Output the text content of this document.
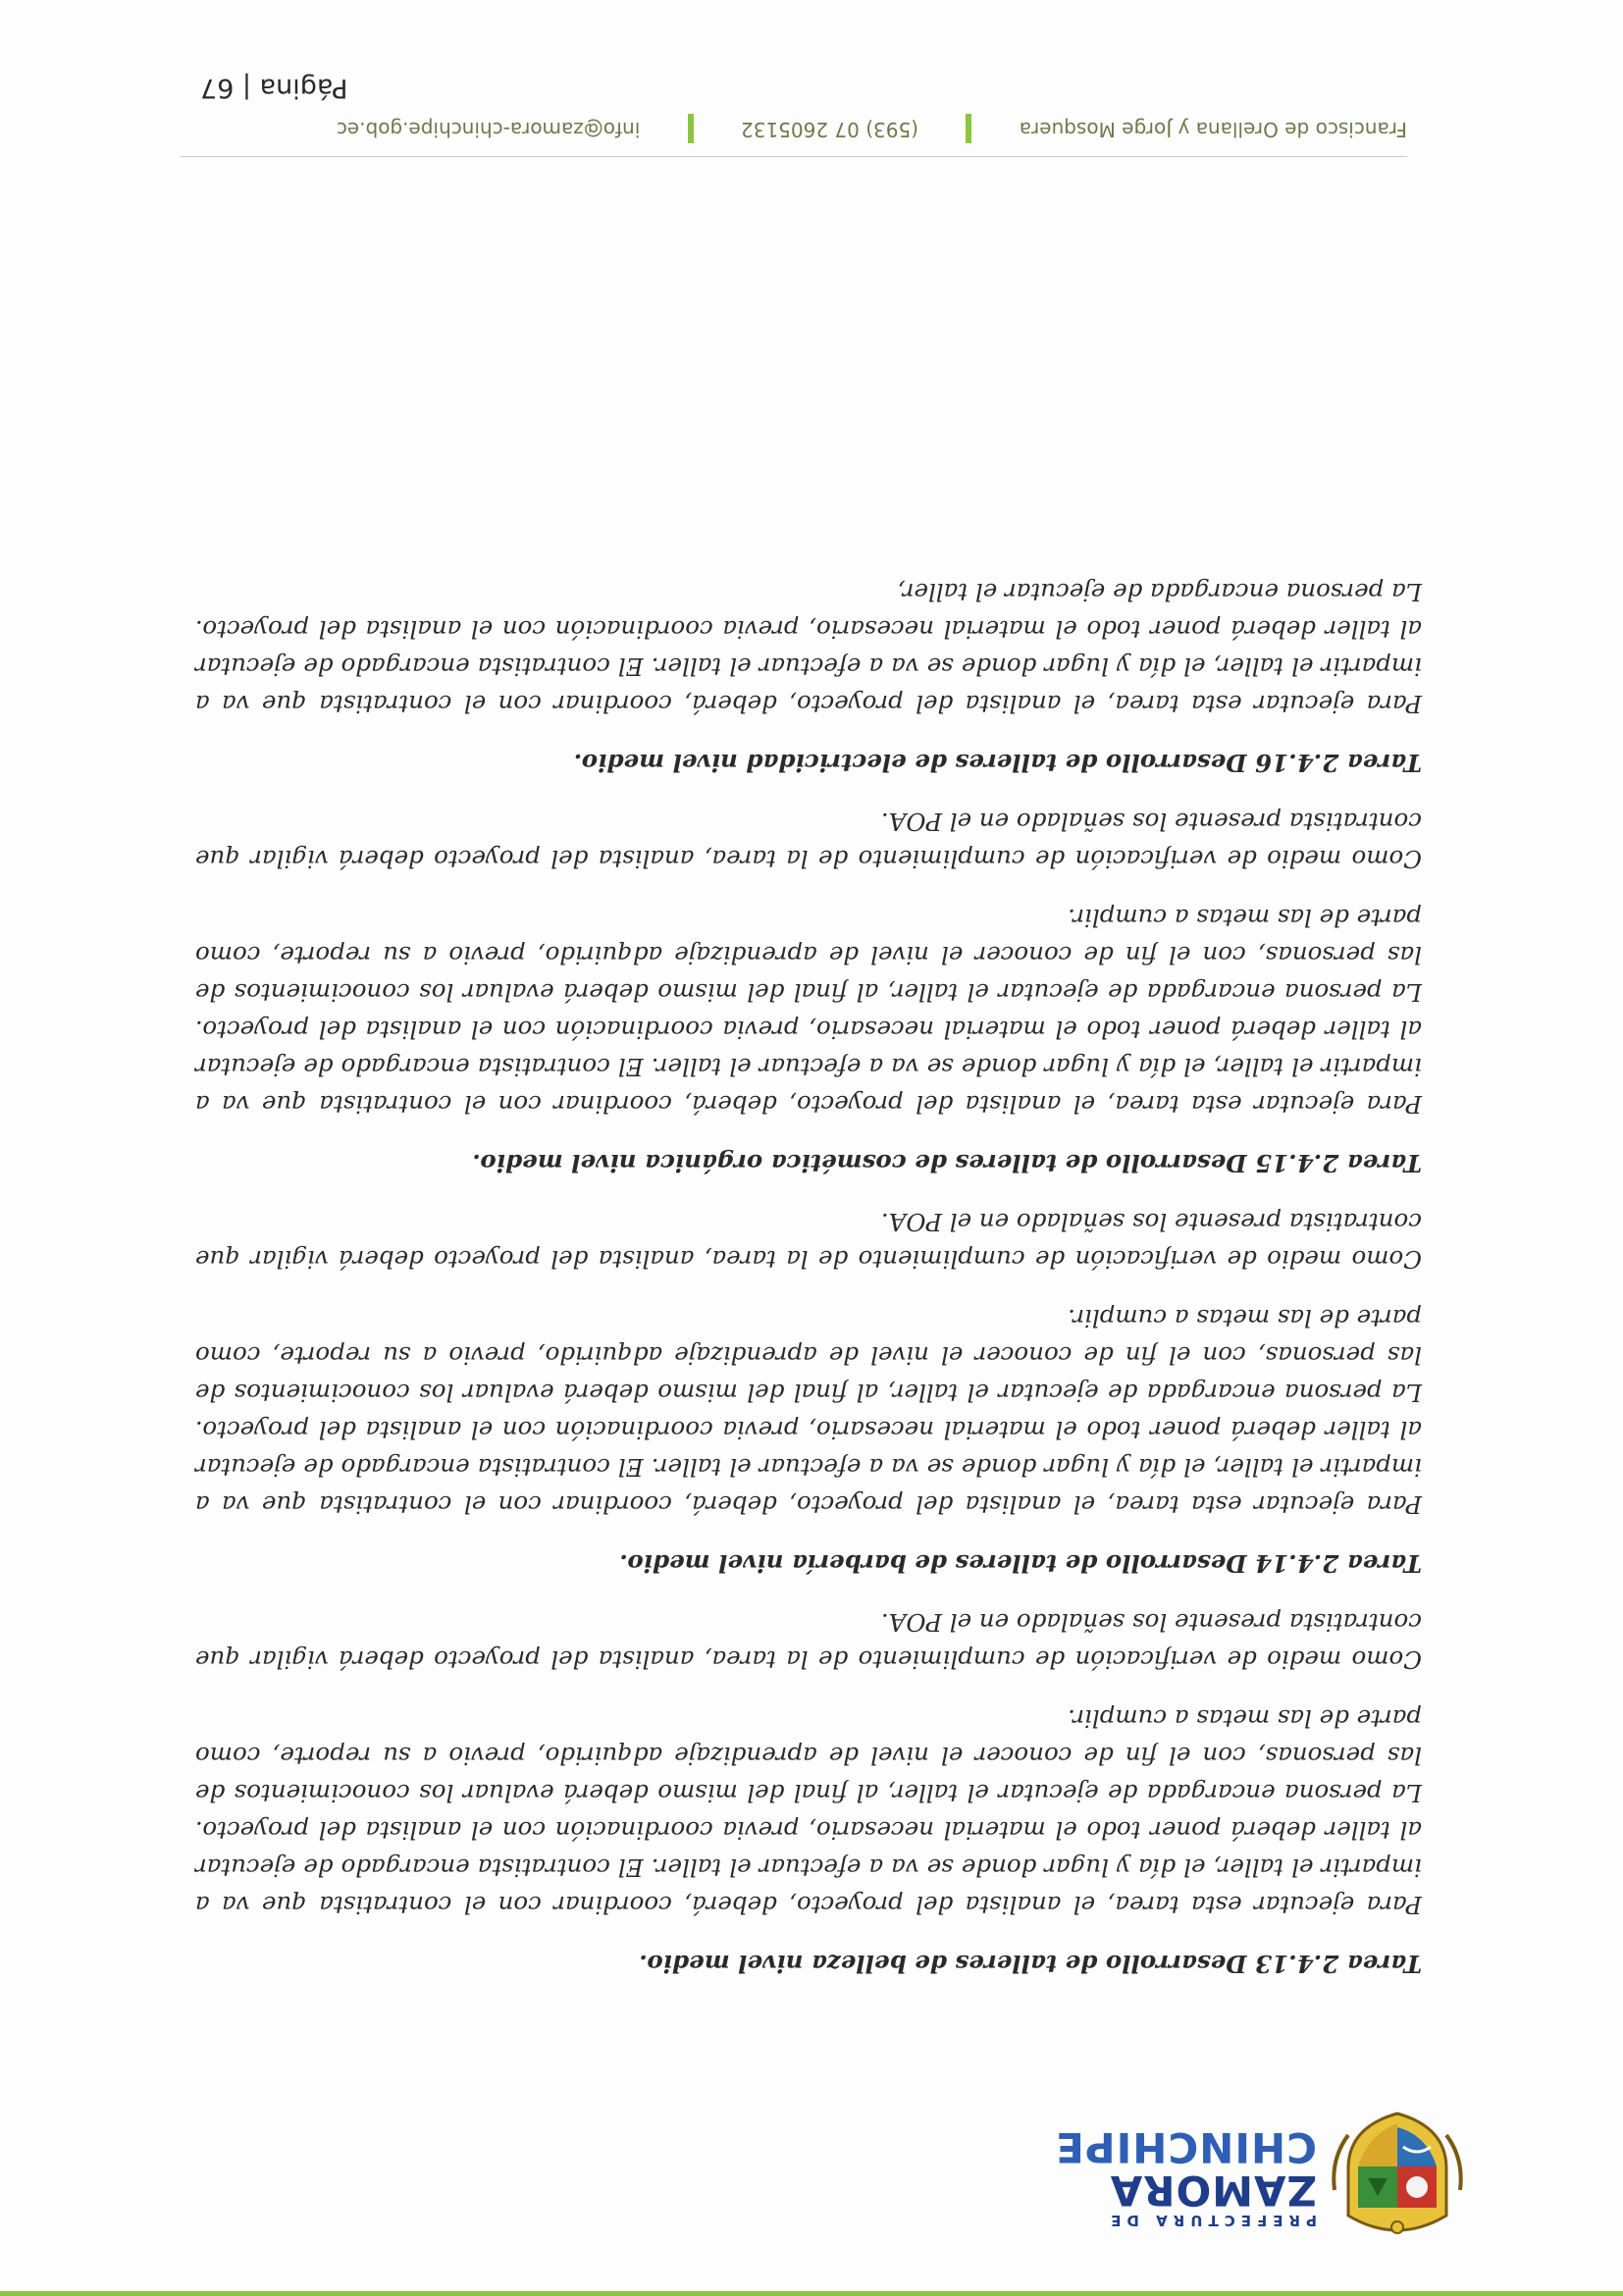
PREFECTURA DE
ZAMORA
CHINCHIPE

Tarea 2.4.13 Desarrollo de talleres de belleza nivel medio.

Para ejecutar esta tarea, el analista del proyecto, deberá, coordinar con el contratista que va a impartir el taller, el día y lugar donde se va a efectuar el taller. El contratista encargado de ejecutar al taller deberá poner todo el material necesario, previa coordinación con el analista del proyecto. La persona encargada de ejecutar el taller, al final del mismo deberá evaluar los conocimientos de las personas, con el fin de conocer el nivel de aprendizaje adquirido, previo a su reporte, como parte de las metas a cumplir.

Como medio de verificación de cumplimiento de la tarea, analista del proyecto deberá vigilar que contratista presente los señalado en el POA.

Tarea 2.4.14 Desarrollo de talleres de barbería nivel medio.

Para ejecutar esta tarea, el analista del proyecto, deberá, coordinar con el contratista que va a impartir el taller, el día y lugar donde se va a efectuar el taller. El contratista encargado de ejecutar al taller deberá poner todo el material necesario, previa coordinación con el analista del proyecto. La persona encargada de ejecutar el taller, al final del mismo deberá evaluar los conocimientos de las personas, con el fin de conocer el nivel de aprendizaje adquirido, previo a su reporte, como parte de las metas a cumplir.

Como medio de verificación de cumplimiento de la tarea, analista del proyecto deberá vigilar que contratista presente los señalado en el POA.

Tarea 2.4.15 Desarrollo de talleres de cosmética orgánica nivel medio.

Para ejecutar esta tarea, el analista del proyecto, deberá, coordinar con el contratista que va a impartir el taller, el día y lugar donde se va a efectuar el taller. El contratista encargado de ejecutar al taller deberá poner todo el material necesario, previa coordinación con el analista del proyecto. La persona encargada de ejecutar el taller, al final del mismo deberá evaluar los conocimientos de las personas, con el fin de conocer el nivel de aprendizaje adquirido, previo a su reporte, como parte de las metas a cumplir.

Como medio de verificación de cumplimiento de la tarea, analista del proyecto deberá vigilar que contratista presente los señalado en el POA.

Tarea 2.4.16 Desarrollo de talleres de electricidad nivel medio.

Para ejecutar esta tarea, el analista del proyecto, deberá, coordinar con el contratista que va a impartir el taller, el día y lugar donde se va a efectuar el taller. El contratista encargado de ejecutar al taller deberá poner todo el material necesario, previa coordinación con el analista del proyecto. La persona encargada de ejecutar el taller,

Francisco de Orellana y Jorge Mosquera  (593) 07 2605132  info@zamora-chinchipe.gob.ec
Página | 67
